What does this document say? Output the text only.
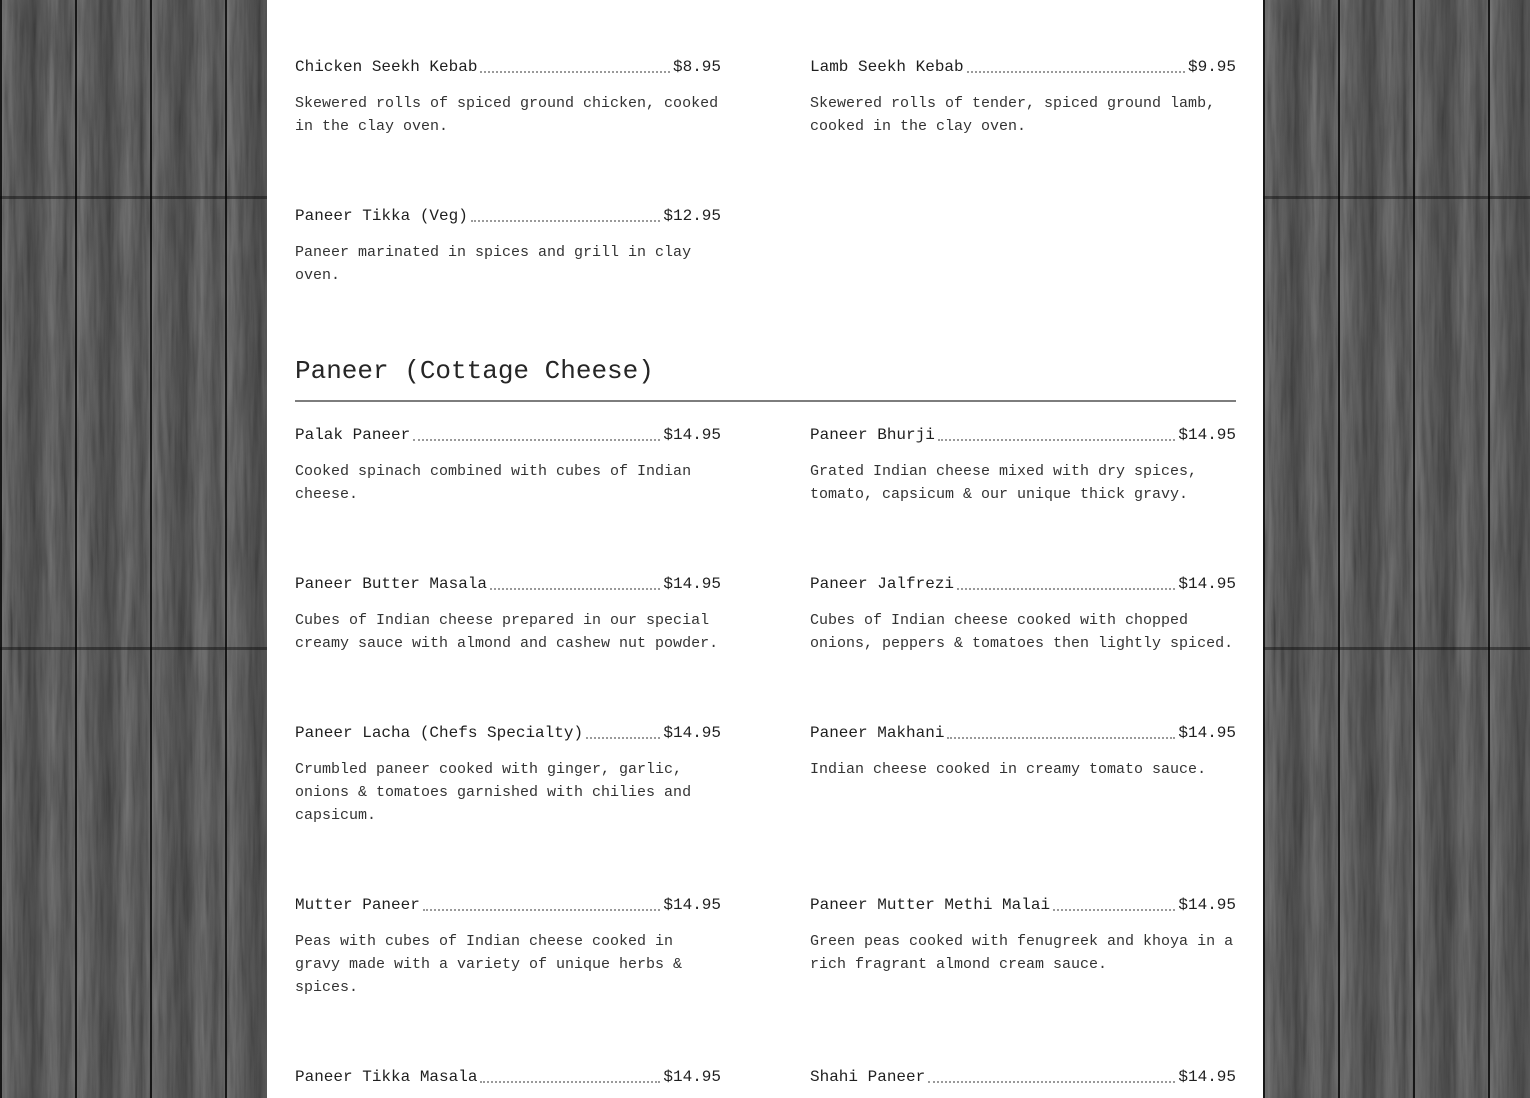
Chicken Seekh Kebab	$8.95

Skewered rolls of spiced ground chicken, cooked in the clay oven.

Lamb Seekh Kebab	$9.95

Skewered rolls of tender, spiced ground lamb, cooked in the clay oven.

Paneer Tikka (Veg)	$12.95

Paneer marinated in spices and grill in clay oven.

Paneer (Cottage Cheese)
Palak Paneer	$14.95

Cooked spinach combined with cubes of Indian cheese.

Paneer Bhurji	$14.95

Grated Indian cheese mixed with dry spices, tomato, capsicum & our unique thick gravy.

Paneer Butter Masala	$14.95

Cubes of Indian cheese prepared in our special creamy sauce with almond and cashew nut powder.

Paneer Jalfrezi	$14.95

Cubes of Indian cheese cooked with chopped onions, peppers & tomatoes then lightly spiced.

Paneer Lacha (Chefs Specialty)	$14.95

Crumbled paneer cooked with ginger, garlic, onions & tomatoes garnished with chilies and capsicum.

Paneer Makhani	$14.95

Indian cheese cooked in creamy tomato sauce.

Mutter Paneer	$14.95

Peas with cubes of Indian cheese cooked in gravy made with a variety of unique herbs & spices.

Paneer Mutter Methi Malai	$14.95

Green peas cooked with fenugreek and khoya in a rich fragrant almond cream sauce.

Paneer Tikka Masala	$14.95	Shahi Paneer	$14.95
